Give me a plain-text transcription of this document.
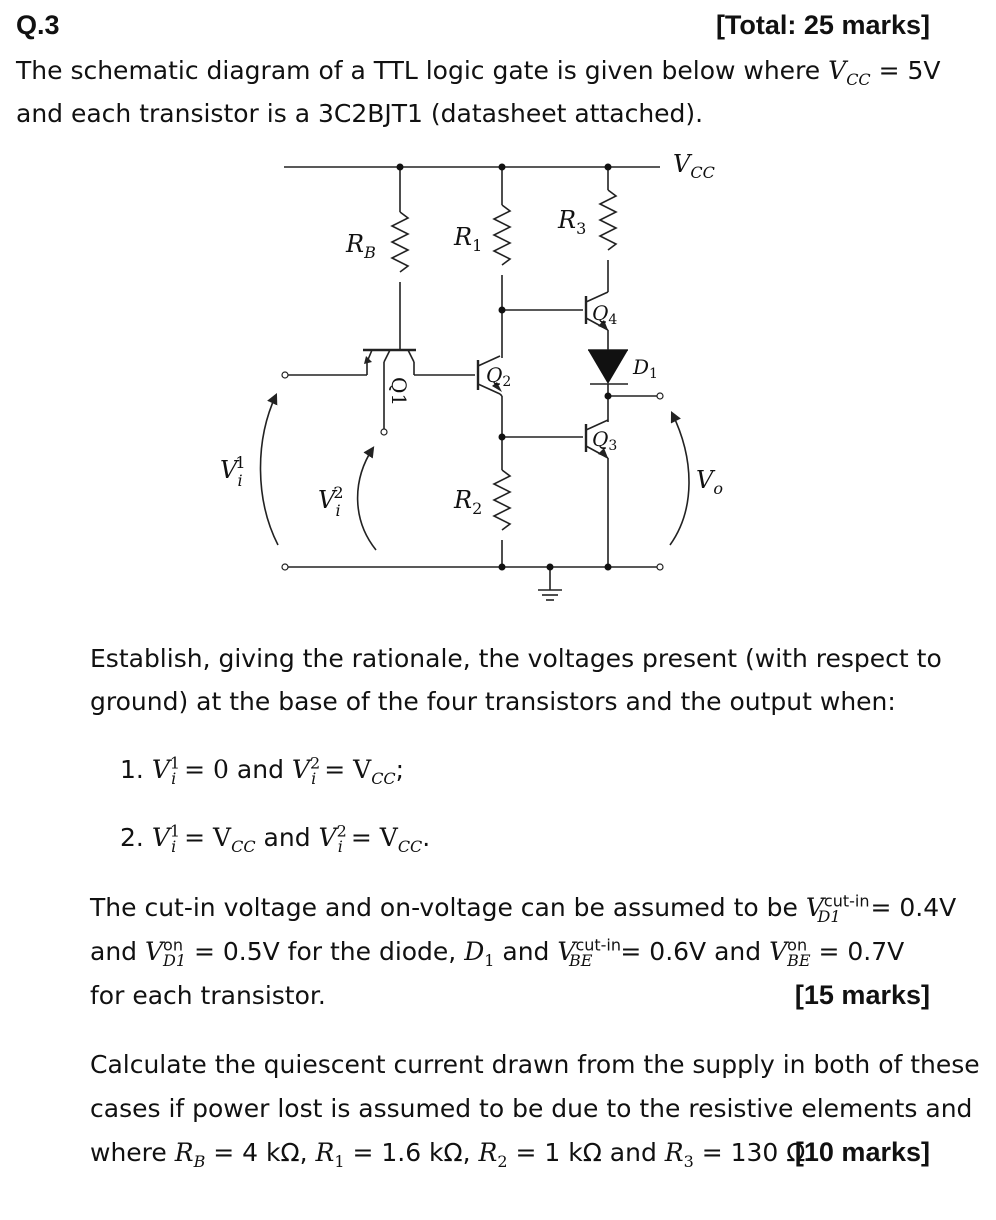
Q.3	[Total: 25 marks]
The schematic diagram of a TTL logic gate is given below where $V_{CC} = 5V$
and each transistor is a 3C2BJT1 (datasheet attached).
$V_{CC}$
$R_B$
$R_1$
$R_3$
$R_2$
$Q_4$
$Q_2$
$Q_3$
$D_1$
Q1
V1 i
V2 i
$V_o$
Establish, giving the rationale, the voltages present (with respect to
ground) at the base of the four transistors and the output when:
1. $V^1_i = 0$ and $V^2_i = V_{CC}$;
2. $V^1_i = V_{CC}$ and $V^2_i = V_{CC}$.
The cut-in voltage and on-voltage can be assumed to be $V^{cut-in}_{D1} = 0.4V$
and $V^{on}_{D1} = 0.5V$ for the diode, $D_1$ and $V^{cut-in}_{BE} = 0.6V$ and $V^{on}_{BE} = 0.7V$
for each transistor.	[15 marks]
Calculate the quiescent current drawn from the supply in both of these
cases if power lost is assumed to be due to the resistive elements and
where $R_B = 4$ kΩ, $R_1 = 1.6$ kΩ, $R_2 = 1$ kΩ and $R_3 = 130$ Ω.
[10 marks]
